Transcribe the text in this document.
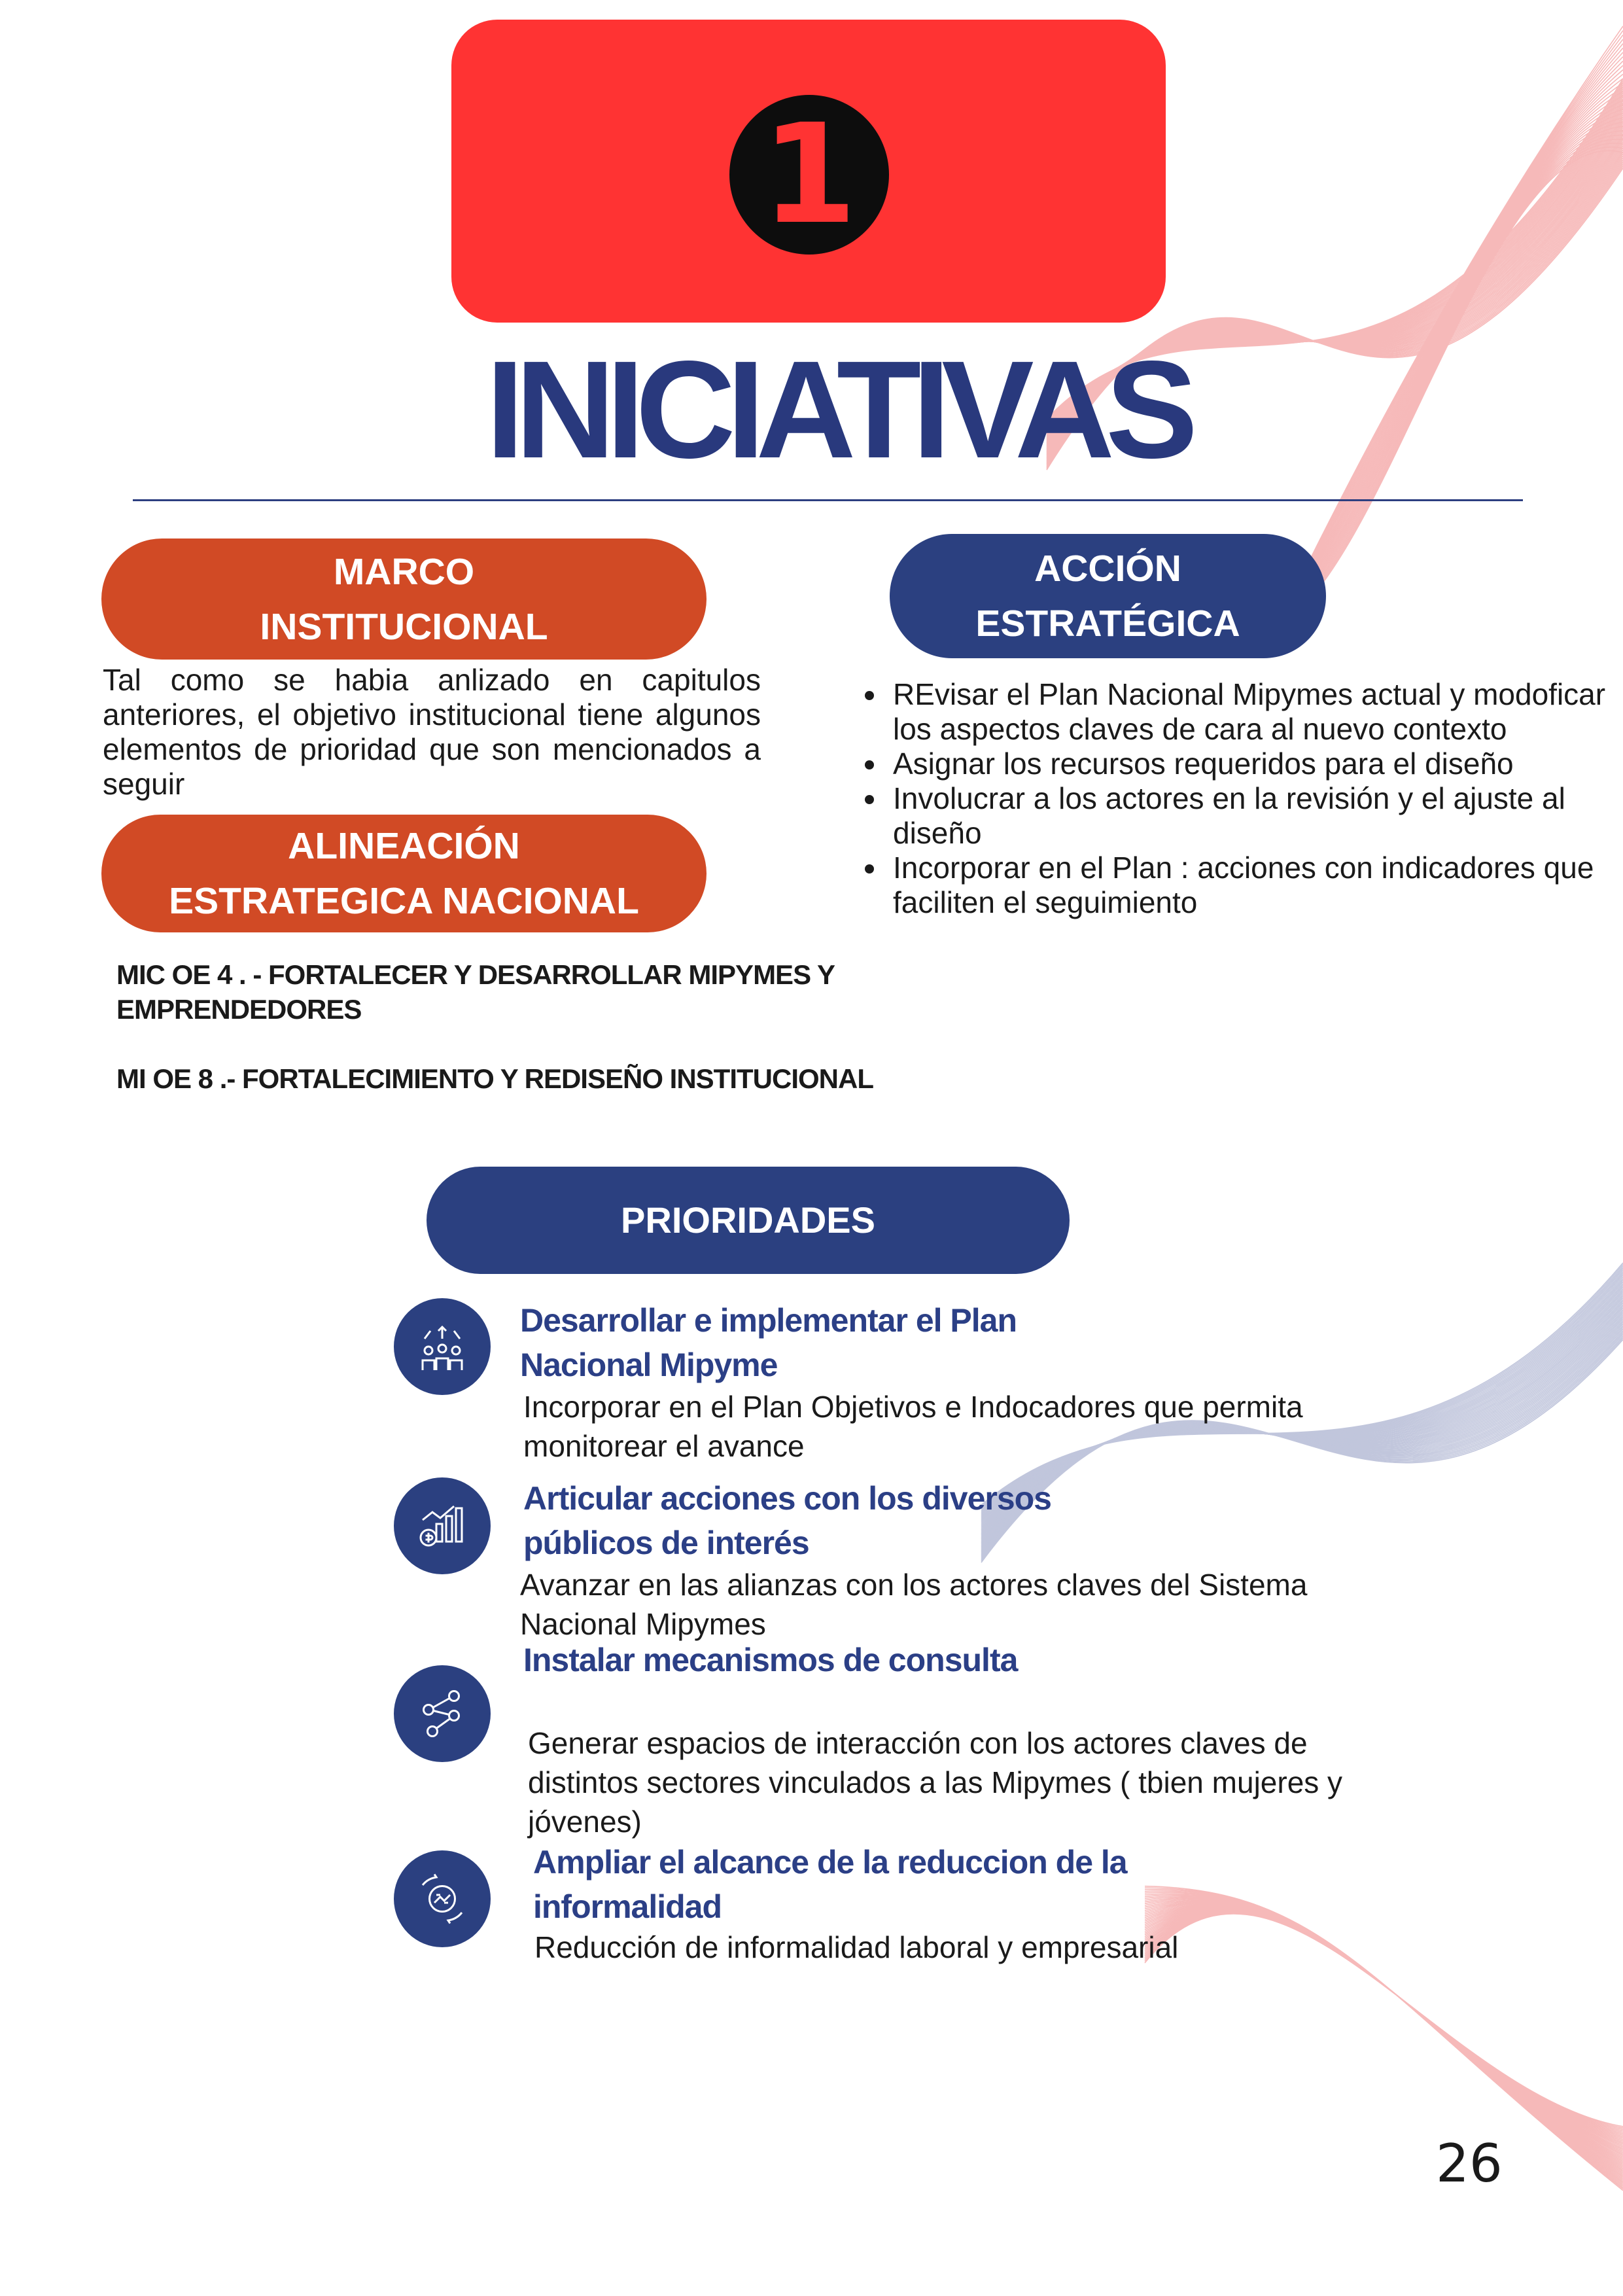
1
INICIATIVAS
MARCO
INSTITUCIONAL
Tal como se habia anlizado en capitulos anteriores, el objetivo institucional tiene algunos elementos de prioridad que son mencionados a seguir
ACCIÓN
ESTRATÉGICA
• REvisar el Plan Nacional Mipymes actual y modoficar los aspectos claves de cara al nuevo contexto
• Asignar los recursos requeridos para el diseño
• Involucrar a los actores en la revisión y el ajuste al diseño
• Incorporar en el Plan : acciones con indicadores que faciliten el seguimiento
ALINEACIÓN
ESTRATEGICA NACIONAL
MIC OE 4 . - FORTALECER Y DESARROLLAR MIPYMES Y EMPRENDEDORES
MI OE 8 .- FORTALECIMIENTO Y REDISEÑO INSTITUCIONAL
PRIORIDADES
Desarrollar e implementar el Plan
Nacional Mipyme
Incorporar en el Plan Objetivos e Indocadores que permita
monitorear el avance
Articular acciones con los diversos
públicos de interés
Avanzar en las alianzas con los actores claves del Sistema
Nacional Mipymes
Instalar mecanismos de consulta
Generar espacios de interacción con los actores claves de
distintos sectores vinculados a las Mipymes ( tbien mujeres y
jóvenes)
Ampliar el alcance de la reduccion de la
informalidad
Reducción de informalidad laboral y empresarial
26
